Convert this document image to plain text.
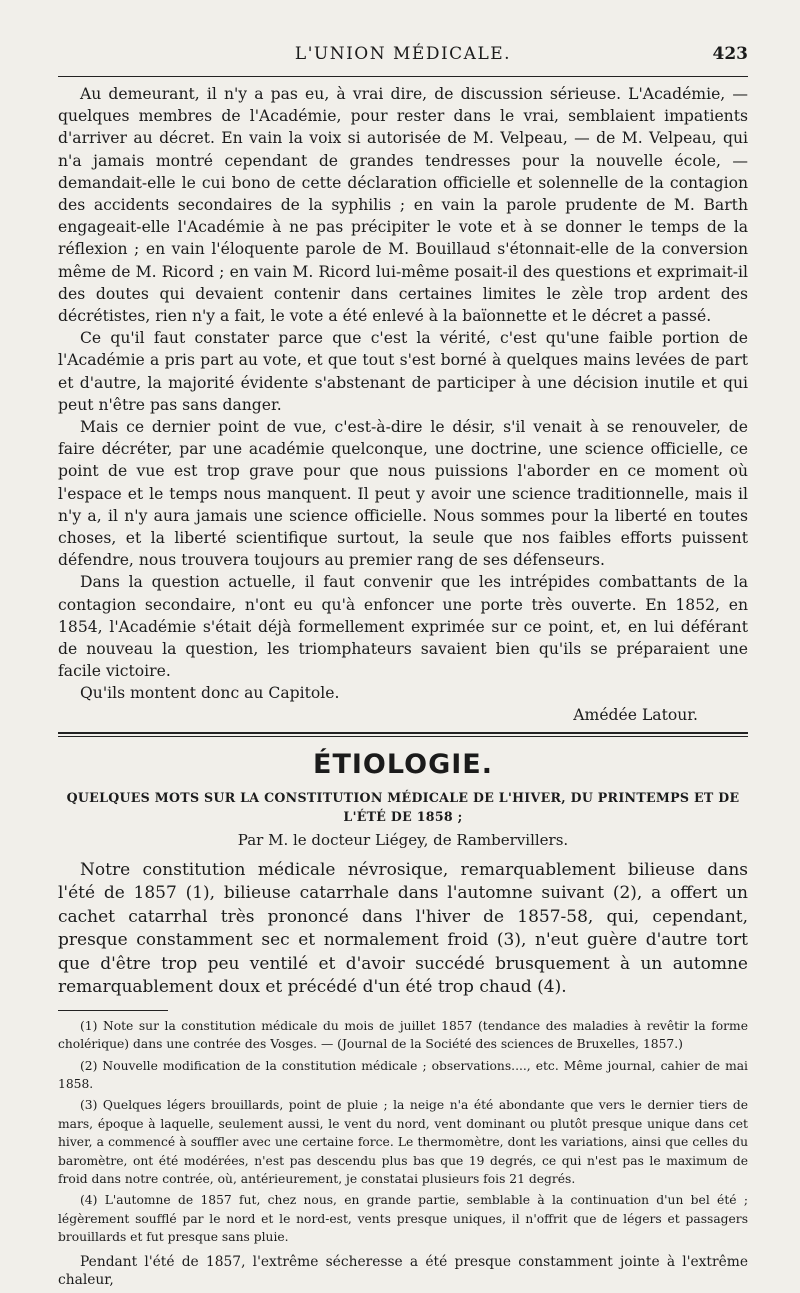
L'UNION MÉDICALE.	423

Au demeurant, il n'y a pas eu, à vrai dire, de discussion sérieuse. L'Académie, — quelques membres de l'Académie, pour rester dans le vrai, semblaient impatients d'arriver au décret. En vain la voix si autorisée de M. Velpeau, — de M. Velpeau, qui n'a jamais montré cependant de grandes tendresses pour la nouvelle école, — demandait-elle le cui bono de cette déclaration officielle et solennelle de la contagion des accidents secondaires de la syphilis ; en vain la parole prudente de M. Barth engageait-elle l'Académie à ne pas précipiter le vote et à se donner le temps de la réflexion ; en vain l'éloquente parole de M. Bouillaud s'étonnait-elle de la conversion même de M. Ricord ; en vain M. Ricord lui-même posait-il des questions et exprimait-il des doutes qui devaient contenir dans certaines limites le zèle trop ardent des décrétistes, rien n'y a fait, le vote a été enlevé à la baïonnette et le décret a passé.

Ce qu'il faut constater parce que c'est la vérité, c'est qu'une faible portion de l'Académie a pris part au vote, et que tout s'est borné à quelques mains levées de part et d'autre, la majorité évidente s'abstenant de participer à une décision inutile et qui peut n'être pas sans danger.

Mais ce dernier point de vue, c'est-à-dire le désir, s'il venait à se renouveler, de faire décréter, par une académie quelconque, une doctrine, une science officielle, ce point de vue est trop grave pour que nous puissions l'aborder en ce moment où l'espace et le temps nous manquent. Il peut y avoir une science traditionnelle, mais il n'y a, il n'y aura jamais une science officielle. Nous sommes pour la liberté en toutes choses, et la liberté scientifique surtout, la seule que nos faibles efforts puissent défendre, nous trouvera toujours au premier rang de ses défenseurs.

Dans la question actuelle, il faut convenir que les intrépides combattants de la contagion secondaire, n'ont eu qu'à enfoncer une porte très ouverte. En 1852, en 1854, l'Académie s'était déjà formellement exprimée sur ce point, et, en lui déférant de nouveau la question, les triomphateurs savaient bien qu'ils se préparaient une facile victoire.

Qu'ils montent donc au Capitole.

Amédée Latour.
ÉTIOLOGIE.
QUELQUES MOTS SUR LA CONSTITUTION MÉDICALE DE L'HIVER, DU PRINTEMPS ET DE L'ÉTÉ DE 1858 ;
Par M. le docteur Liégey, de Rambervillers.

Notre constitution médicale névrosique, remarquablement bilieuse dans l'été de 1857 (1), bilieuse catarrhale dans l'automne suivant (2), a offert un cachet catarrhal très prononcé dans l'hiver de 1857-58, qui, cependant, presque constamment sec et normalement froid (3), n'eut guère d'autre tort que d'être trop peu ventilé et d'avoir succédé brusquement à un automne remarquablement doux et précédé d'un été trop chaud (4).

(1) Note sur la constitution médicale du mois de juillet 1857 (tendance des maladies à revêtir la forme cholérique) dans une contrée des Vosges. — (Journal de la Société des sciences de Bruxelles, 1857.)

(2) Nouvelle modification de la constitution médicale ; observations...., etc. Même journal, cahier de mai 1858.

(3) Quelques légers brouillards, point de pluie ; la neige n'a été abondante que vers le dernier tiers de mars, époque à laquelle, seulement aussi, le vent du nord, vent dominant ou plutôt presque unique dans cet hiver, a commencé à souffler avec une certaine force. Le thermomètre, dont les variations, ainsi que celles du baromètre, ont été modérées, n'est pas descendu plus bas que 19 degrés, ce qui n'est pas le maximum de froid dans notre contrée, où, antérieurement, je constatai plusieurs fois 21 degrés.

(4) L'automne de 1857 fut, chez nous, en grande partie, semblable à la continuation d'un bel été ; légèrement soufflé par le nord et le nord-est, vents presque uniques, il n'offrit que de légers et passagers brouillards et fut presque sans pluie.

Pendant l'été de 1857, l'extrême sécheresse a été presque constamment jointe à l'extrême chaleur,
